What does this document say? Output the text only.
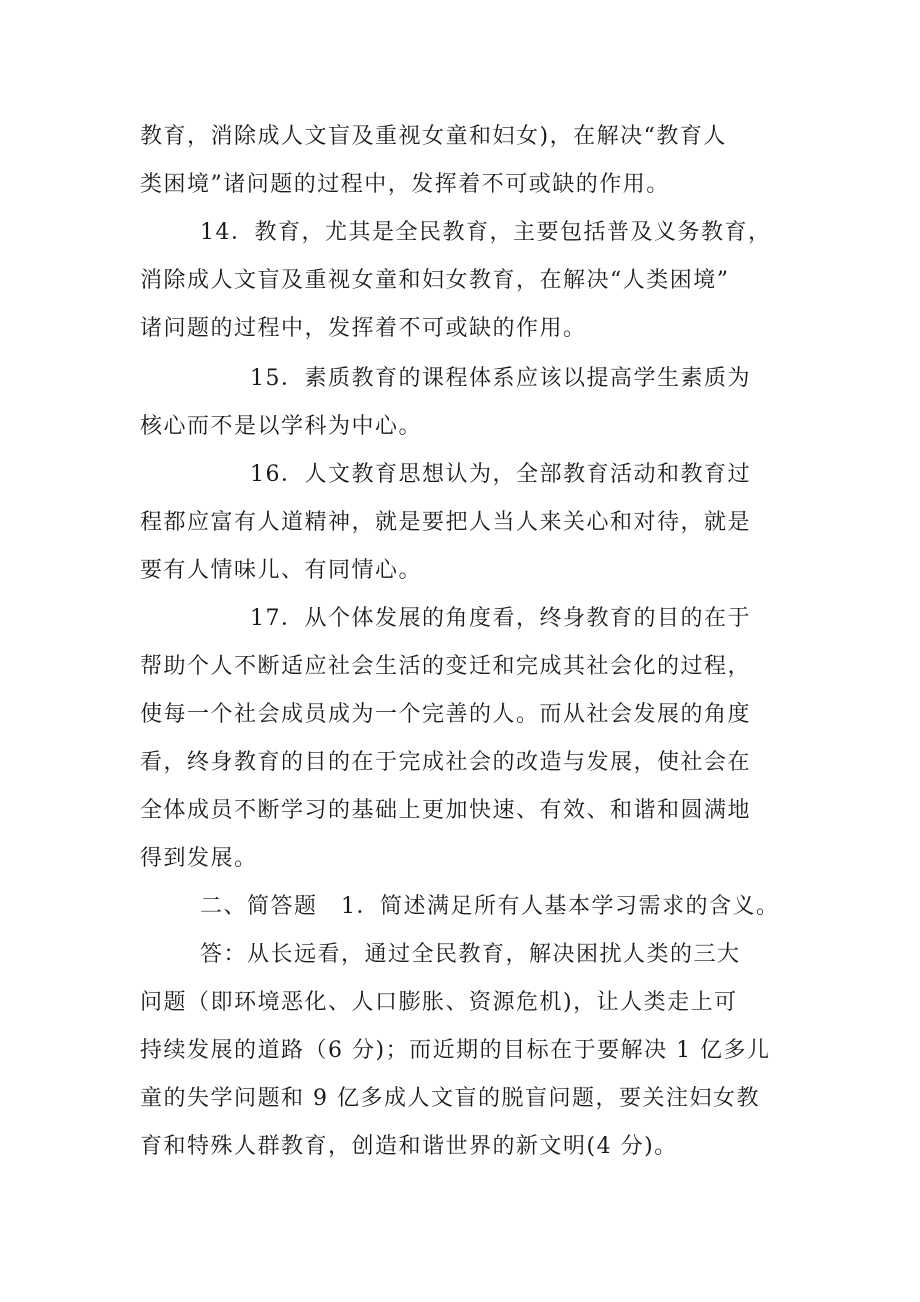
教育，消除成人文盲及重视女童和妇女)，在解决“教育人
类困境”诸问题的过程中，发挥着不可或缺的作用。
14．教育，尤其是全民教育，主要包括普及义务教育，
消除成人文盲及重视女童和妇女教育，在解决“人类困境”
诸问题的过程中，发挥着不可或缺的作用。
15．素质教育的课程体系应该以提高学生素质为
核心而不是以学科为中心。
16．人文教育思想认为，全部教育活动和教育过
程都应富有人道精神，就是要把人当人来关心和对待，就是
要有人情味儿、有同情心。
17．从个体发展的角度看，终身教育的目的在于
帮助个人不断适应社会生活的变迁和完成其社会化的过程，
使每一个社会成员成为一个完善的人。而从社会发展的角度
看，终身教育的目的在于完成社会的改造与发展，使社会在
全体成员不断学习的基础上更加快速、有效、和谐和圆满地
得到发展。
二、简答题　1．简述满足所有人基本学习需求的含义。
答：从长远看，通过全民教育，解决困扰人类的三大
问题（即环境恶化、人口膨胀、资源危机)，让人类走上可
持续发展的道路（6 分)；而近期的目标在于要解决 1 亿多儿
童的失学问题和 9 亿多成人文盲的脱盲问题，要关注妇女教
育和特殊人群教育，创造和谐世界的新文明(4 分)。
